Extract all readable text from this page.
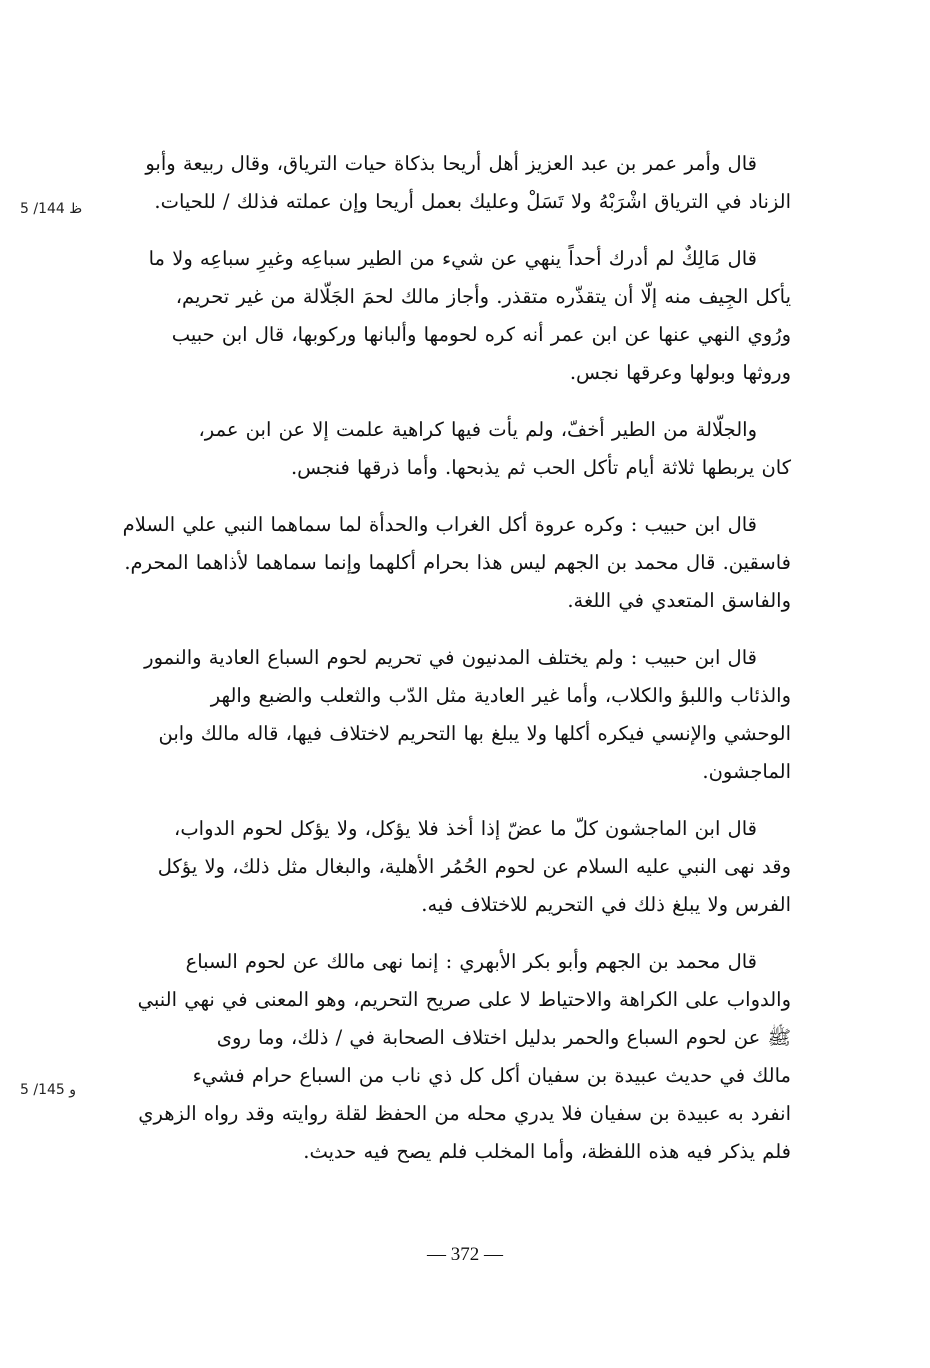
5 /144 ظ
5 /145 و

قال وأمر عمر بن عبد العزيز أهل أريحا بذكاة حيات الترياق، وقال ربيعة وأبو
الزناد في الترياق اشْرَبْهُ ولا تَسَلْ وعليك بعمل أريحا وإن عملته فذلك / للحيات.

قال مَالِكٌ لم أدرك أحداً ينهي عن شيء من الطير سباعِه وغيرِ سباعِه ولا ما
يأكل الجِيف منه إلّا أن يتقذّره متقذر. وأجاز مالك لحمَ الجَلّالة من غير تحريم،
ورُوي النهي عنها عن ابن عمر أنه كره لحومها وألبانها وركوبها، قال ابن حبيب
وروثها وبولها وعرقها نجس.

والجلّالة من الطير أخفّ، ولم يأت فيها كراهية علمت إلا عن ابن عمر،
كان يربطها ثلاثة أيام تأكل الحب ثم يذبحها. وأما ذرقها فنجس.

قال ابن حبيب : وكره عروة أكل الغراب والحدأة لما سماهما النبي علي السلام
فاسقين. قال محمد بن الجهم ليس هذا بحرام أكلهما وإنما سماهما لأذاهما المحرم.
والفاسق المتعدي في اللغة.

قال ابن حبيب : ولم يختلف المدنيون في تحريم لحوم السباع العادية والنمور
والذئاب واللبؤ والكلاب، وأما غير العادية مثل الدّب والثعلب والضبع والهر
الوحشي والإنسي فيكره أكلها ولا يبلغ بها التحريم لاختلاف فيها، قاله مالك وابن
الماجشون.

قال ابن الماجشون كلّ ما عضّ إذا أخذ فلا يؤكل، ولا يؤكل لحوم الدواب،
وقد نهى النبي عليه السلام عن لحوم الحُمُر الأهلية، والبغال مثل ذلك، ولا يؤكل
الفرس ولا يبلغ ذلك في التحريم للاختلاف فيه.

قال محمد بن الجهم وأبو بكر الأبهري : إنما نهى مالك عن لحوم السباع
والدواب على الكراهة والاحتياط لا على صريح التحريم، وهو المعنى في نهي النبي
ﷺ عن لحوم السباع والحمر بدليل اختلاف الصحابة في / ذلك، وما روى
مالك في حديث عبيدة بن سفيان أكل كل ذي ناب من السباع حرام فشيء
انفرد به عبيدة بن سفيان فلا يدري محله من الحفظ لقلة روايته وقد رواه الزهري
فلم يذكر فيه هذه اللفظة، وأما المخلب فلم يصح فيه حديث.

— 372 —
